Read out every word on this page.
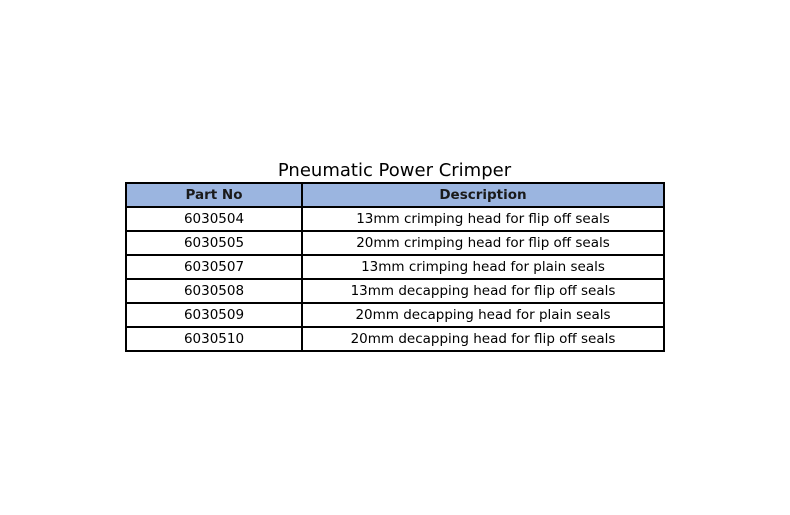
Pneumatic Power Crimper
Part No	Description
6030504	13mm crimping head for flip off seals
6030505	20mm crimping head for flip off seals
6030507	13mm crimping head for plain seals
6030508	13mm decapping head for flip off seals
6030509	20mm decapping head for plain seals
6030510	20mm decapping head for flip off seals
